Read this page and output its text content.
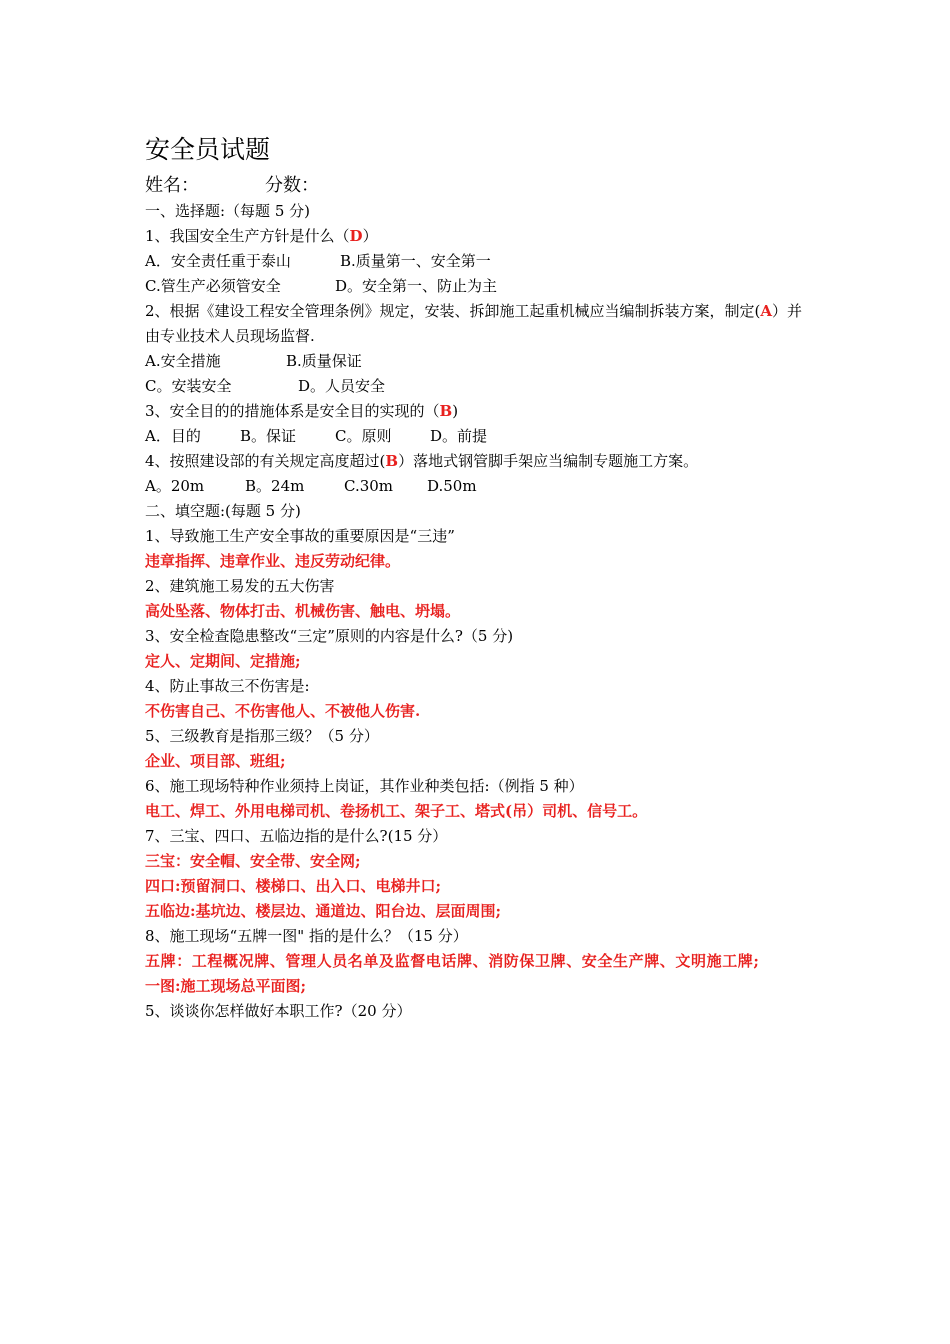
安全员试题
姓名：	分数：
一、选择题:（每题 5 分)
1、我国安全生产方针是什么（D）
A．安全责任重于泰山	B.质量第一、安全第一
C.管生产必须管安全	D。安全第一、防止为主
2、根据《建设工程安全管理条例》规定，安装、拆卸施工起重机械应当编制拆装方案，制定(A）并由专业技术人员现场监督.
A.安全措施	B.质量保证
C。安装安全	D。人员安全
3、安全目的的措施体系是安全目的实现的（B)
A．目的	B。保证	C。原则	D。前提
4、按照建设部的有关规定高度超过(B）落地式钢管脚手架应当编制专题施工方案。
A。20m	B。24m	C.30m D.50m
二、填空题:(每题 5 分)
1、导致施工生产安全事故的重要原因是“三违”
违章指挥、违章作业、违反劳动纪律。
2、建筑施工易发的五大伤害
高处坠落、物体打击、机械伤害、触电、坍塌。
3、安全检查隐患整改“三定”原则的内容是什么?（5 分)
定人、定期间、定措施;
4、防止事故三不伤害是:
不伤害自己、不伤害他人、不被他人伤害.
5、三级教育是指那三级？（5 分）
企业、项目部、班组;
6、施工现场特种作业须持上岗证，其作业种类包括:（例指 5 种）
电工、焊工、外用电梯司机、卷扬机工、架子工、塔式(吊）司机、信号工。
7、三宝、四口、五临边指的是什么?(15 分）
三宝：安全帽、安全带、安全网;
四口:预留洞口、楼梯口、出入口、电梯井口;
五临边:基坑边、楼层边、通道边、阳台边、层面周围;
8、施工现场“五牌一图" 指的是什么？（15 分）
五牌：工程概况牌、管理人员名单及监督电话牌、消防保卫牌、安全生产牌、文明施工牌;
一图:施工现场总平面图;
5、谈谈你怎样做好本职工作?（20 分）
